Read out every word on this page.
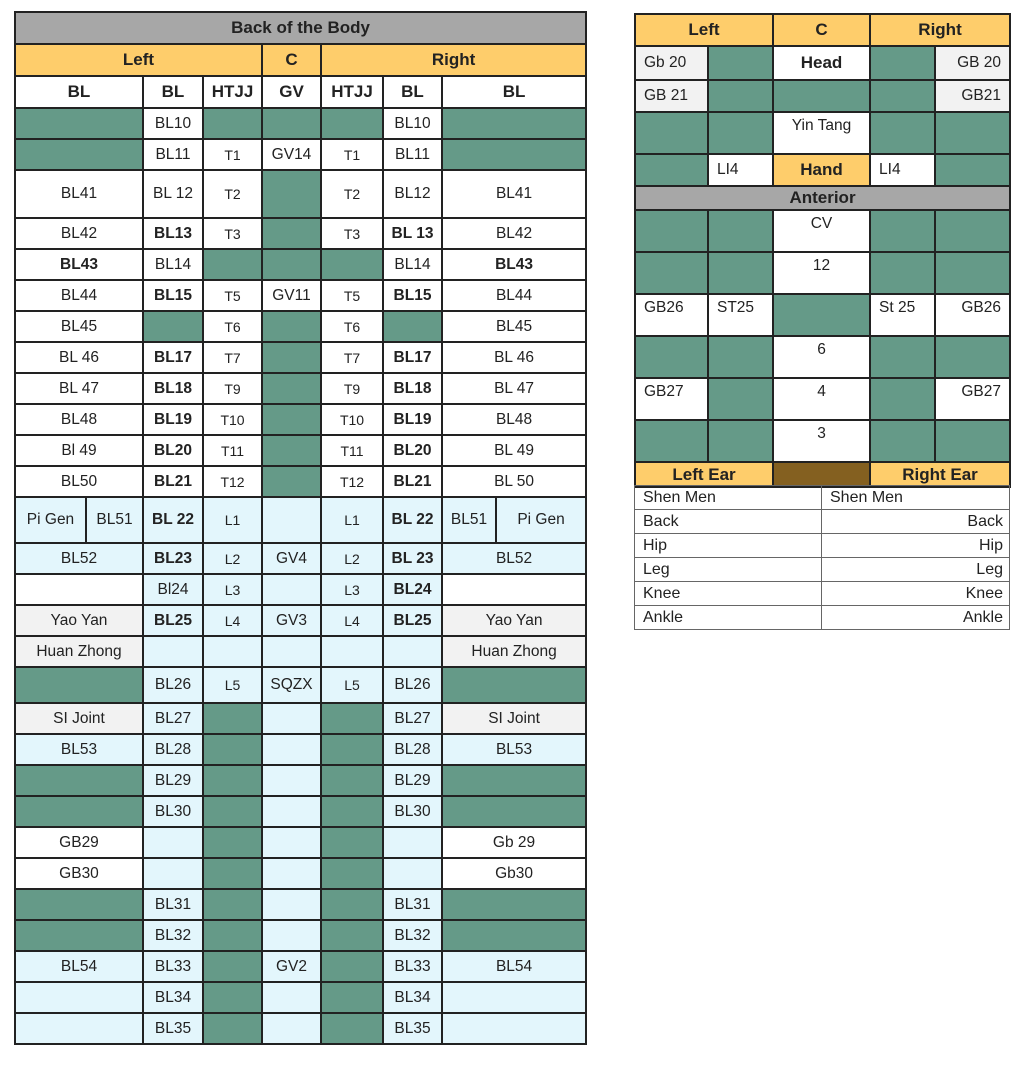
Back of the Body								
Left				C	Right			
BL		BL	HTJJ	GV	HTJJ	BL	BL	
		BL10				BL10		
		BL11	T1	GV14	T1	BL11		
BL41		BL 12	T2		T2	BL12	BL41	
BL42		BL13	T3		T3	BL 13	BL42	
BL43		BL14				BL14	BL43	
BL44		BL15	T5	GV11	T5	BL15	BL44	
BL45			T6		T6		BL45	
BL 46		BL17	T7		T7	BL17	BL 46	
BL 47		BL18	T9		T9	BL18	BL 47	
BL48		BL19	T10		T10	BL19	BL48	
Bl 49		BL20	T11		T11	BL20	BL 49	
BL50		BL21	T12		T12	BL21	BL 50	
Pi Gen	BL51	BL 22	L1		L1	BL 22	BL51	Pi Gen
BL52		BL23	L2	GV4	L2	BL 23	BL52	
		Bl24	L3		L3	BL24		
Yao Yan		BL25	L4	GV3	L4	BL25	Yao Yan	
Huan Zhong							Huan Zhong	
		BL26	L5	SQZX	L5	BL26		
SI Joint		BL27				BL27	SI Joint	
BL53		BL28				BL28	BL53	
		BL29				BL29		
		BL30				BL30		
GB29							Gb 29	
GB30							Gb30	
		BL31				BL31		
		BL32				BL32		
BL54		BL33		GV2		BL33	BL54	
		BL34				BL34		
		BL35				BL35		
Left		C	Right	
Gb 20		Head		GB 20
GB 21				GB21
		Yin Tang		
	LI4	Hand	LI4	
Anterior				
		CV		
		12		
GB26	ST25		St 25	GB26
		6		
GB27		4		GB27
		3		
Left Ear			Right Ear	
Shen Men	Shen Men
Back	Back
Hip	Hip
Leg	Leg
Knee	Knee
Ankle	Ankle
